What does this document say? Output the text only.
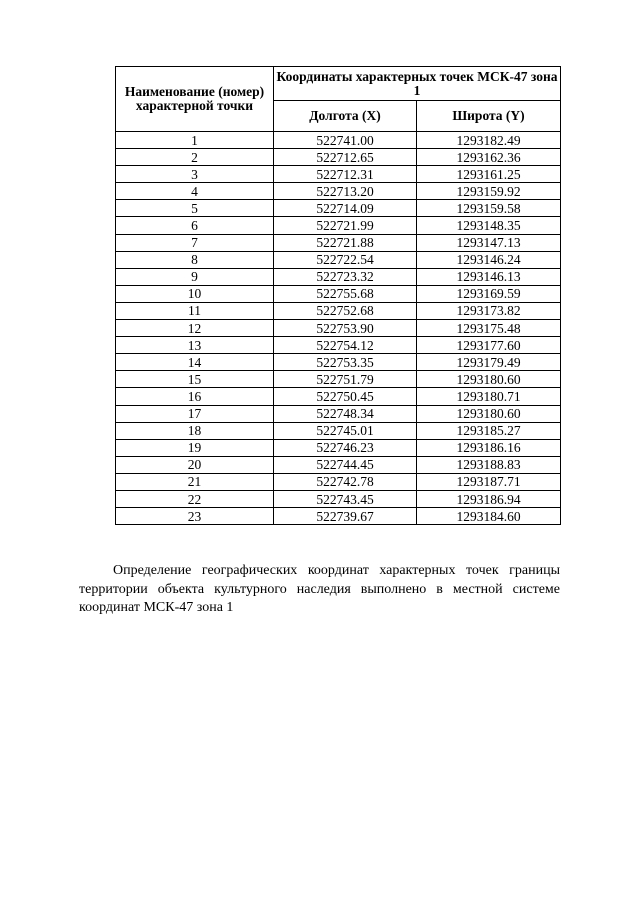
Наименование (номер) характерной точки	Координаты характерных точек МСК-47 зона 1	
	Долгота (X)	Широта (Y)
1	522741.00	1293182.49
2	522712.65	1293162.36
3	522712.31	1293161.25
4	522713.20	1293159.92
5	522714.09	1293159.58
6	522721.99	1293148.35
7	522721.88	1293147.13
8	522722.54	1293146.24
9	522723.32	1293146.13
10	522755.68	1293169.59
11	522752.68	1293173.82
12	522753.90	1293175.48
13	522754.12	1293177.60
14	522753.35	1293179.49
15	522751.79	1293180.60
16	522750.45	1293180.71
17	522748.34	1293180.60
18	522745.01	1293185.27
19	522746.23	1293186.16
20	522744.45	1293188.83
21	522742.78	1293187.71
22	522743.45	1293186.94
23	522739.67	1293184.60

Определение географических координат характерных точек границы территории объекта культурного наследия выполнено в местной системе координат МСК-47 зона 1
